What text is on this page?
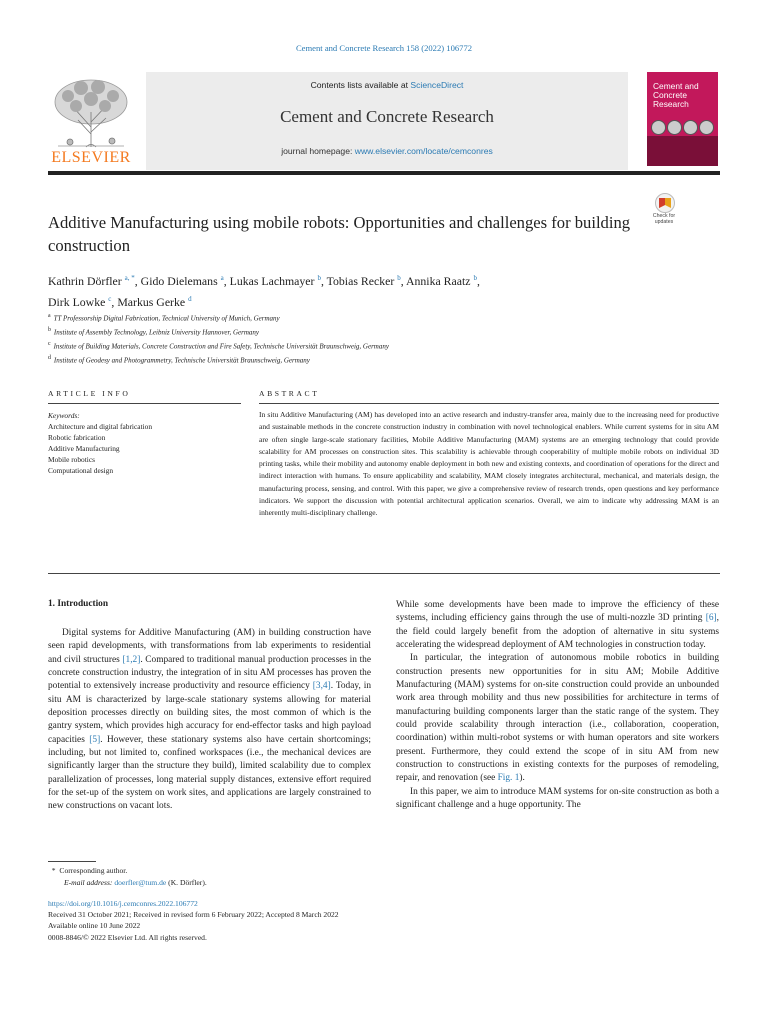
Cement and Concrete Research 158 (2022) 106772
Contents lists available at ScienceDirect
Cement and Concrete Research
journal homepage: www.elsevier.com/locate/cemconres
ELSEVIER
Cement and Concrete Research
Check for updates
Additive Manufacturing using mobile robots: Opportunities and challenges for building construction
Kathrin Dörfler $^{a, *}$, Gido Dielemans $^a$, Lukas Lachmayer $^b$, Tobias Recker $^b$, Annika Raatz $^b$,
Dirk Lowke $^c$, Markus Gerke $^d$
$^a$ TT Professorship Digital Fabrication, Technical University of Munich, Germany
$^b$ Institute of Assembly Technology, Leibniz University Hannover, Germany
$^c$ Institute of Building Materials, Concrete Construction and Fire Safety, Technische Universität Braunschweig, Germany
$^d$ Institute of Geodesy and Photogrammetry, Technische Universität Braunschweig, Germany
ARTICLE INFO	ABSTRACT
Keywords:
Architecture and digital fabrication
Robotic fabrication
Additive Manufacturing
Mobile robotics
Computational design
In situ Additive Manufacturing (AM) has developed into an active research and industry-transfer area, mainly due to the increasing need for productive and sustainable methods in the concrete construction industry in combination with novel technological enablers. While current systems for in situ AM are often single large-scale stationary facilities, Mobile Additive Manufacturing (MAM) systems are an emerging technology that could provide scalability for AM processes on construction sites. This scalability is achievable through cooperability of multiple mobile robots on individual 3D printing tasks, while their mobility and autonomy enable deployment in both new and existing contexts, and coordination of operations for the direct and indirect interaction with humans. To ensure applicability and scalability, MAM closely integrates architectural, mechanical, and materials design, the manufacturing process, sensing, and control. With this paper, we give a comprehensive review of research trends, open questions and key performance indicators. We support the discussion with potential architectural application scenarios. Overall, we aim to indicate why addressing MAM is an inherently multi-disciplinary challenge.
1. Introduction

Digital systems for Additive Manufacturing (AM) in building construction have seen rapid developments, with transformations from lab experiments to residential and civil structures [1,2]. Compared to traditional manual production processes in the concrete construction industry, the integration of in situ AM processes has proven the potential to extensively increase productivity and resource efficiency [3,4]. Today, in situ AM is characterized by large-scale stationary systems allowing for material deposition processes directly on building sites, the most common of which is the gantry system, which provides high accuracy for end-effector tasks and high payload capacities [5]. However, these stationary systems also have certain shortcomings; including, but not limited to, confined workspaces (i.e., the mechanical devices are significantly larger than the structure they build), limited scalability due to complex parallelization of processes, long material supply distances, extensive effort required for the set-up of the system on work sites, and applications are largely constrained to new constructions on vacant lots.

While some developments have been made to improve the efficiency of these systems, including efficiency gains through the use of multi-nozzle 3D printing [6], the field could largely benefit from the adoption of alternative in situ systems accelerating the widespread deployment of AM technologies in construction today.

In particular, the integration of autonomous mobile robotics in building construction presents new opportunities for in situ AM; Mobile Additive Manufacturing (MAM) systems for on-site construction could provide an unbounded work area through mobility and thus new possibilities for architecture in terms of manufacturing building components larger than the static range of the system. They could provide scalability through interaction (i.e., collaboration, cooperation, coordination) within multi-robot systems or with human operators and site workers present. Furthermore, they could extend the scope of in situ AM from new construction to constructions in existing contexts for the purposes of remodeling, repair, and renovation (see Fig. 1).

In this paper, we aim to introduce MAM systems for on-site construction as both a significant challenge and a huge opportunity. The

*  Corresponding author.
E-mail address: doerfler@tum.de (K. Dörfler).
https://doi.org/10.1016/j.cemconres.2022.106772
Received 31 October 2021; Received in revised form 6 February 2022; Accepted 8 March 2022
Available online 10 June 2022
0008-8846/© 2022 Elsevier Ltd. All rights reserved.
